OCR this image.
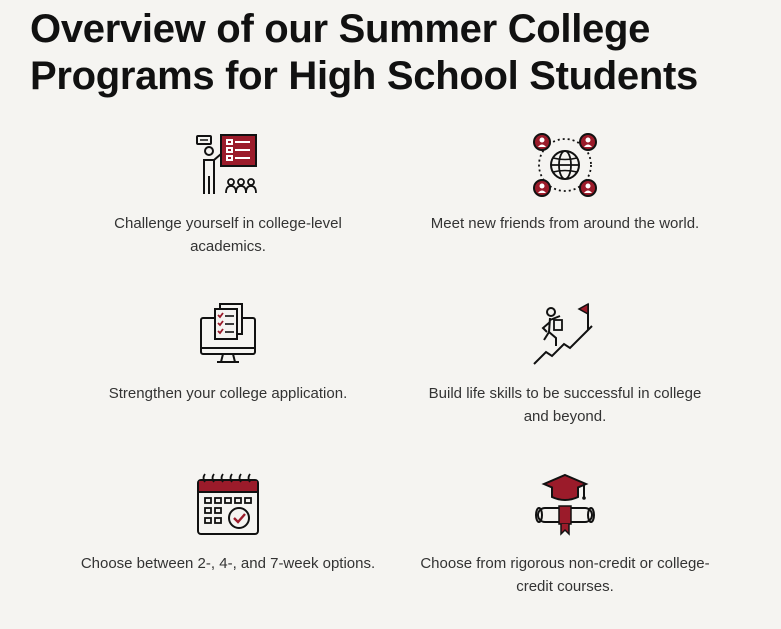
Overview of our Summer College Programs for High School Students
Challenge yourself in college-level academics.
Meet new friends from around the world.
Strengthen your college application.	Build life skills to be successful in college and beyond.
Choose between 2-, 4-, and 7-week options.	Choose from rigorous non-credit or college-credit courses.
